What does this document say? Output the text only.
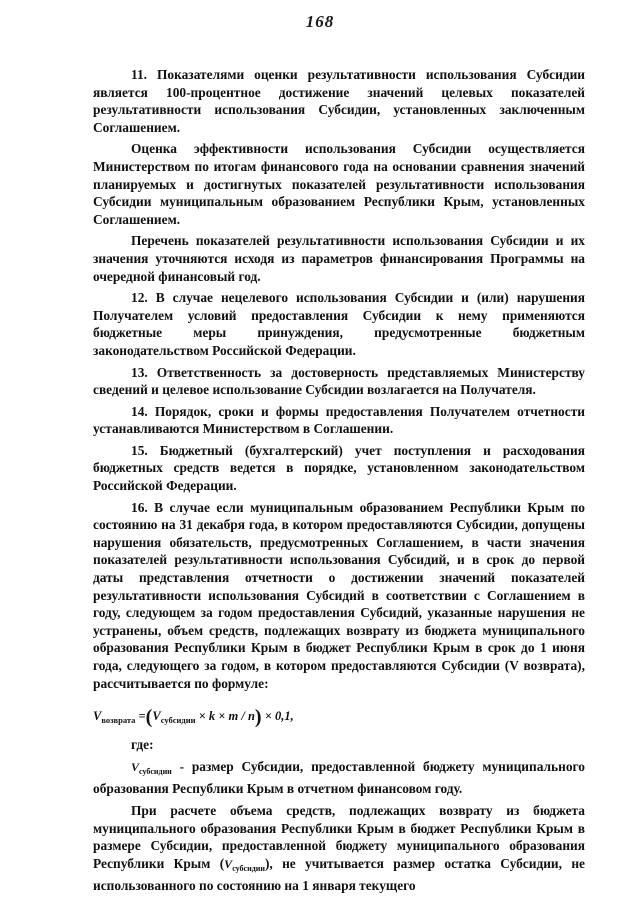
168

11. Показателями оценки результативности использования Субсидии является 100-процентное достижение значений целевых показателей результативности использования Субсидии, установленных заключенным Соглашением.

Оценка эффективности использования Субсидии осуществляется Министерством по итогам финансового года на основании сравнения значений планируемых и достигнутых показателей результативности использования Субсидии муниципальным образованием Республики Крым, установленных Соглашением.

Перечень показателей результативности использования Субсидии и их значения уточняются исходя из параметров финансирования Программы на очередной финансовый год.

12. В случае нецелевого использования Субсидии и (или) нарушения Получателем условий предоставления Субсидии к нему применяются бюджетные меры принуждения, предусмотренные бюджетным законодательством Российской Федерации.

13. Ответственность за достоверность представляемых Министерству сведений и целевое использование Субсидии возлагается на Получателя.

14. Порядок, сроки и формы предоставления Получателем отчетности устанавливаются Министерством в Соглашении.

15. Бюджетный (бухгалтерский) учет поступления и расходования бюджетных средств ведется в порядке, установленном законодательством Российской Федерации.

16. В случае если муниципальным образованием Республики Крым по состоянию на 31 декабря года, в котором предоставляются Субсидии, допущены нарушения обязательств, предусмотренных Соглашением, в части значения показателей результативности использования Субсидий, и в срок до первой даты представления отчетности о достижении значений показателей результативности использования Субсидий в соответствии с Соглашением в году, следующем за годом предоставления Субсидий, указанные нарушения не устранены, объем средств, подлежащих возврату из бюджета муниципального образования Республики Крым в бюджет Республики Крым в срок до 1 июня года, следующего за годом, в котором предоставляются Субсидии (V возврата), рассчитывается по формуле:

$V_{возврата} =(V_{субсидии} \times k \times m / n) \times 0,1$,

где:

$V_{субсидии}$ - размер Субсидии, предоставленной бюджету муниципального образования Республики Крым в отчетном финансовом году.

При расчете объема средств, подлежащих возврату из бюджета муниципального образования Республики Крым в бюджет Республики Крым в размере Субсидии, предоставленной бюджету муниципального образования Республики Крым $(V_{субсидии})$, не учитывается размер остатка Субсидии, не использованного по состоянию на 1 января текущего
